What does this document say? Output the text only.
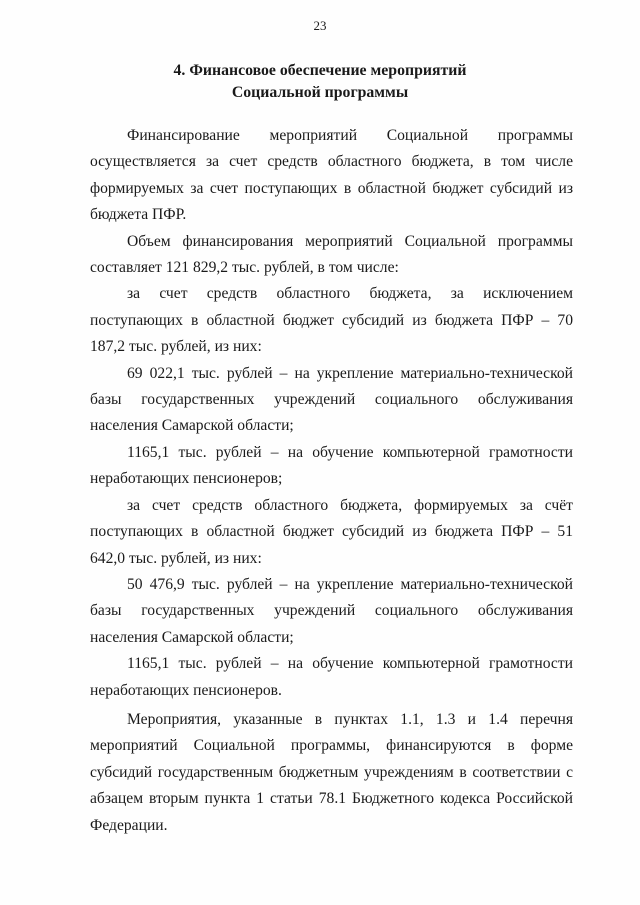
23
4. Финансовое обеспечение мероприятий
Социальной программы

Финансирование мероприятий Социальной программы осуществляется за счет средств областного бюджета, в том числе формируемых за счет поступающих в областной бюджет субсидий из бюджета ПФР.

Объем финансирования мероприятий Социальной программы составляет 121 829,2 тыс. рублей, в том числе:

за счет средств областного бюджета, за исключением поступающих в областной бюджет субсидий из бюджета ПФР – 70 187,2 тыс. рублей, из них:

69 022,1 тыс. рублей – на укрепление материально-технической базы государственных учреждений социального обслуживания населения Самарской области;

1165,1 тыс. рублей – на обучение компьютерной грамотности неработающих пенсионеров;

за счет средств областного бюджета, формируемых за счёт поступающих в областной бюджет субсидий из бюджета ПФР – 51 642,0 тыс. рублей, из них:

50 476,9 тыс. рублей – на укрепление материально-технической базы государственных учреждений социального обслуживания населения Самарской области;

1165,1 тыс. рублей – на обучение компьютерной грамотности неработающих пенсионеров.

Мероприятия, указанные в пунктах 1.1, 1.3 и 1.4 перечня мероприятий Социальной программы, финансируются в форме субсидий государственным бюджетным учреждениям в соответствии с абзацем вторым пункта 1 статьи 78.1 Бюджетного кодекса Российской Федерации.
